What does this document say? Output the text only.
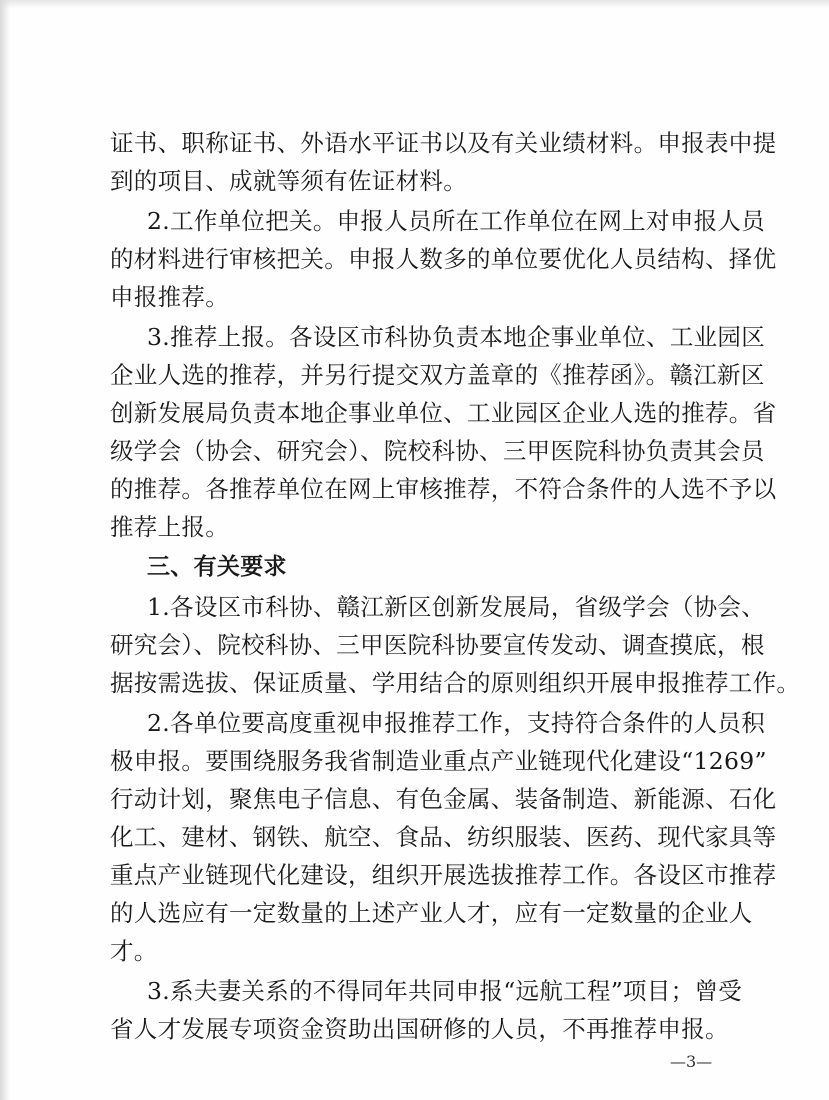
证书、职称证书、外语水平证书以及有关业绩材料。申报表中提
到的项目、成就等须有佐证材料。
2.工作单位把关。申报人员所在工作单位在网上对申报人员
的材料进行审核把关。申报人数多的单位要优化人员结构、择优
申报推荐。
3.推荐上报。各设区市科协负责本地企事业单位、工业园区
企业人选的推荐，并另行提交双方盖章的《推荐函》。赣江新区
创新发展局负责本地企事业单位、工业园区企业人选的推荐。省
级学会（协会、研究会）、院校科协、三甲医院科协负责其会员
的推荐。各推荐单位在网上审核推荐，不符合条件的人选不予以
推荐上报。
三、有关要求
1.各设区市科协、赣江新区创新发展局，省级学会（协会、
研究会）、院校科协、三甲医院科协要宣传发动、调查摸底，根
据按需选拔、保证质量、学用结合的原则组织开展申报推荐工作。
2.各单位要高度重视申报推荐工作，支持符合条件的人员积
极申报。要围绕服务我省制造业重点产业链现代化建设“1269”
行动计划，聚焦电子信息、有色金属、装备制造、新能源、石化
化工、建材、钢铁、航空、食品、纺织服装、医药、现代家具等
重点产业链现代化建设，组织开展选拔推荐工作。各设区市推荐
的人选应有一定数量的上述产业人才，应有一定数量的企业人
才。
3.系夫妻关系的不得同年共同申报“远航工程”项目；曾受
省人才发展专项资金资助出国研修的人员，不再推荐申报。
—3—
